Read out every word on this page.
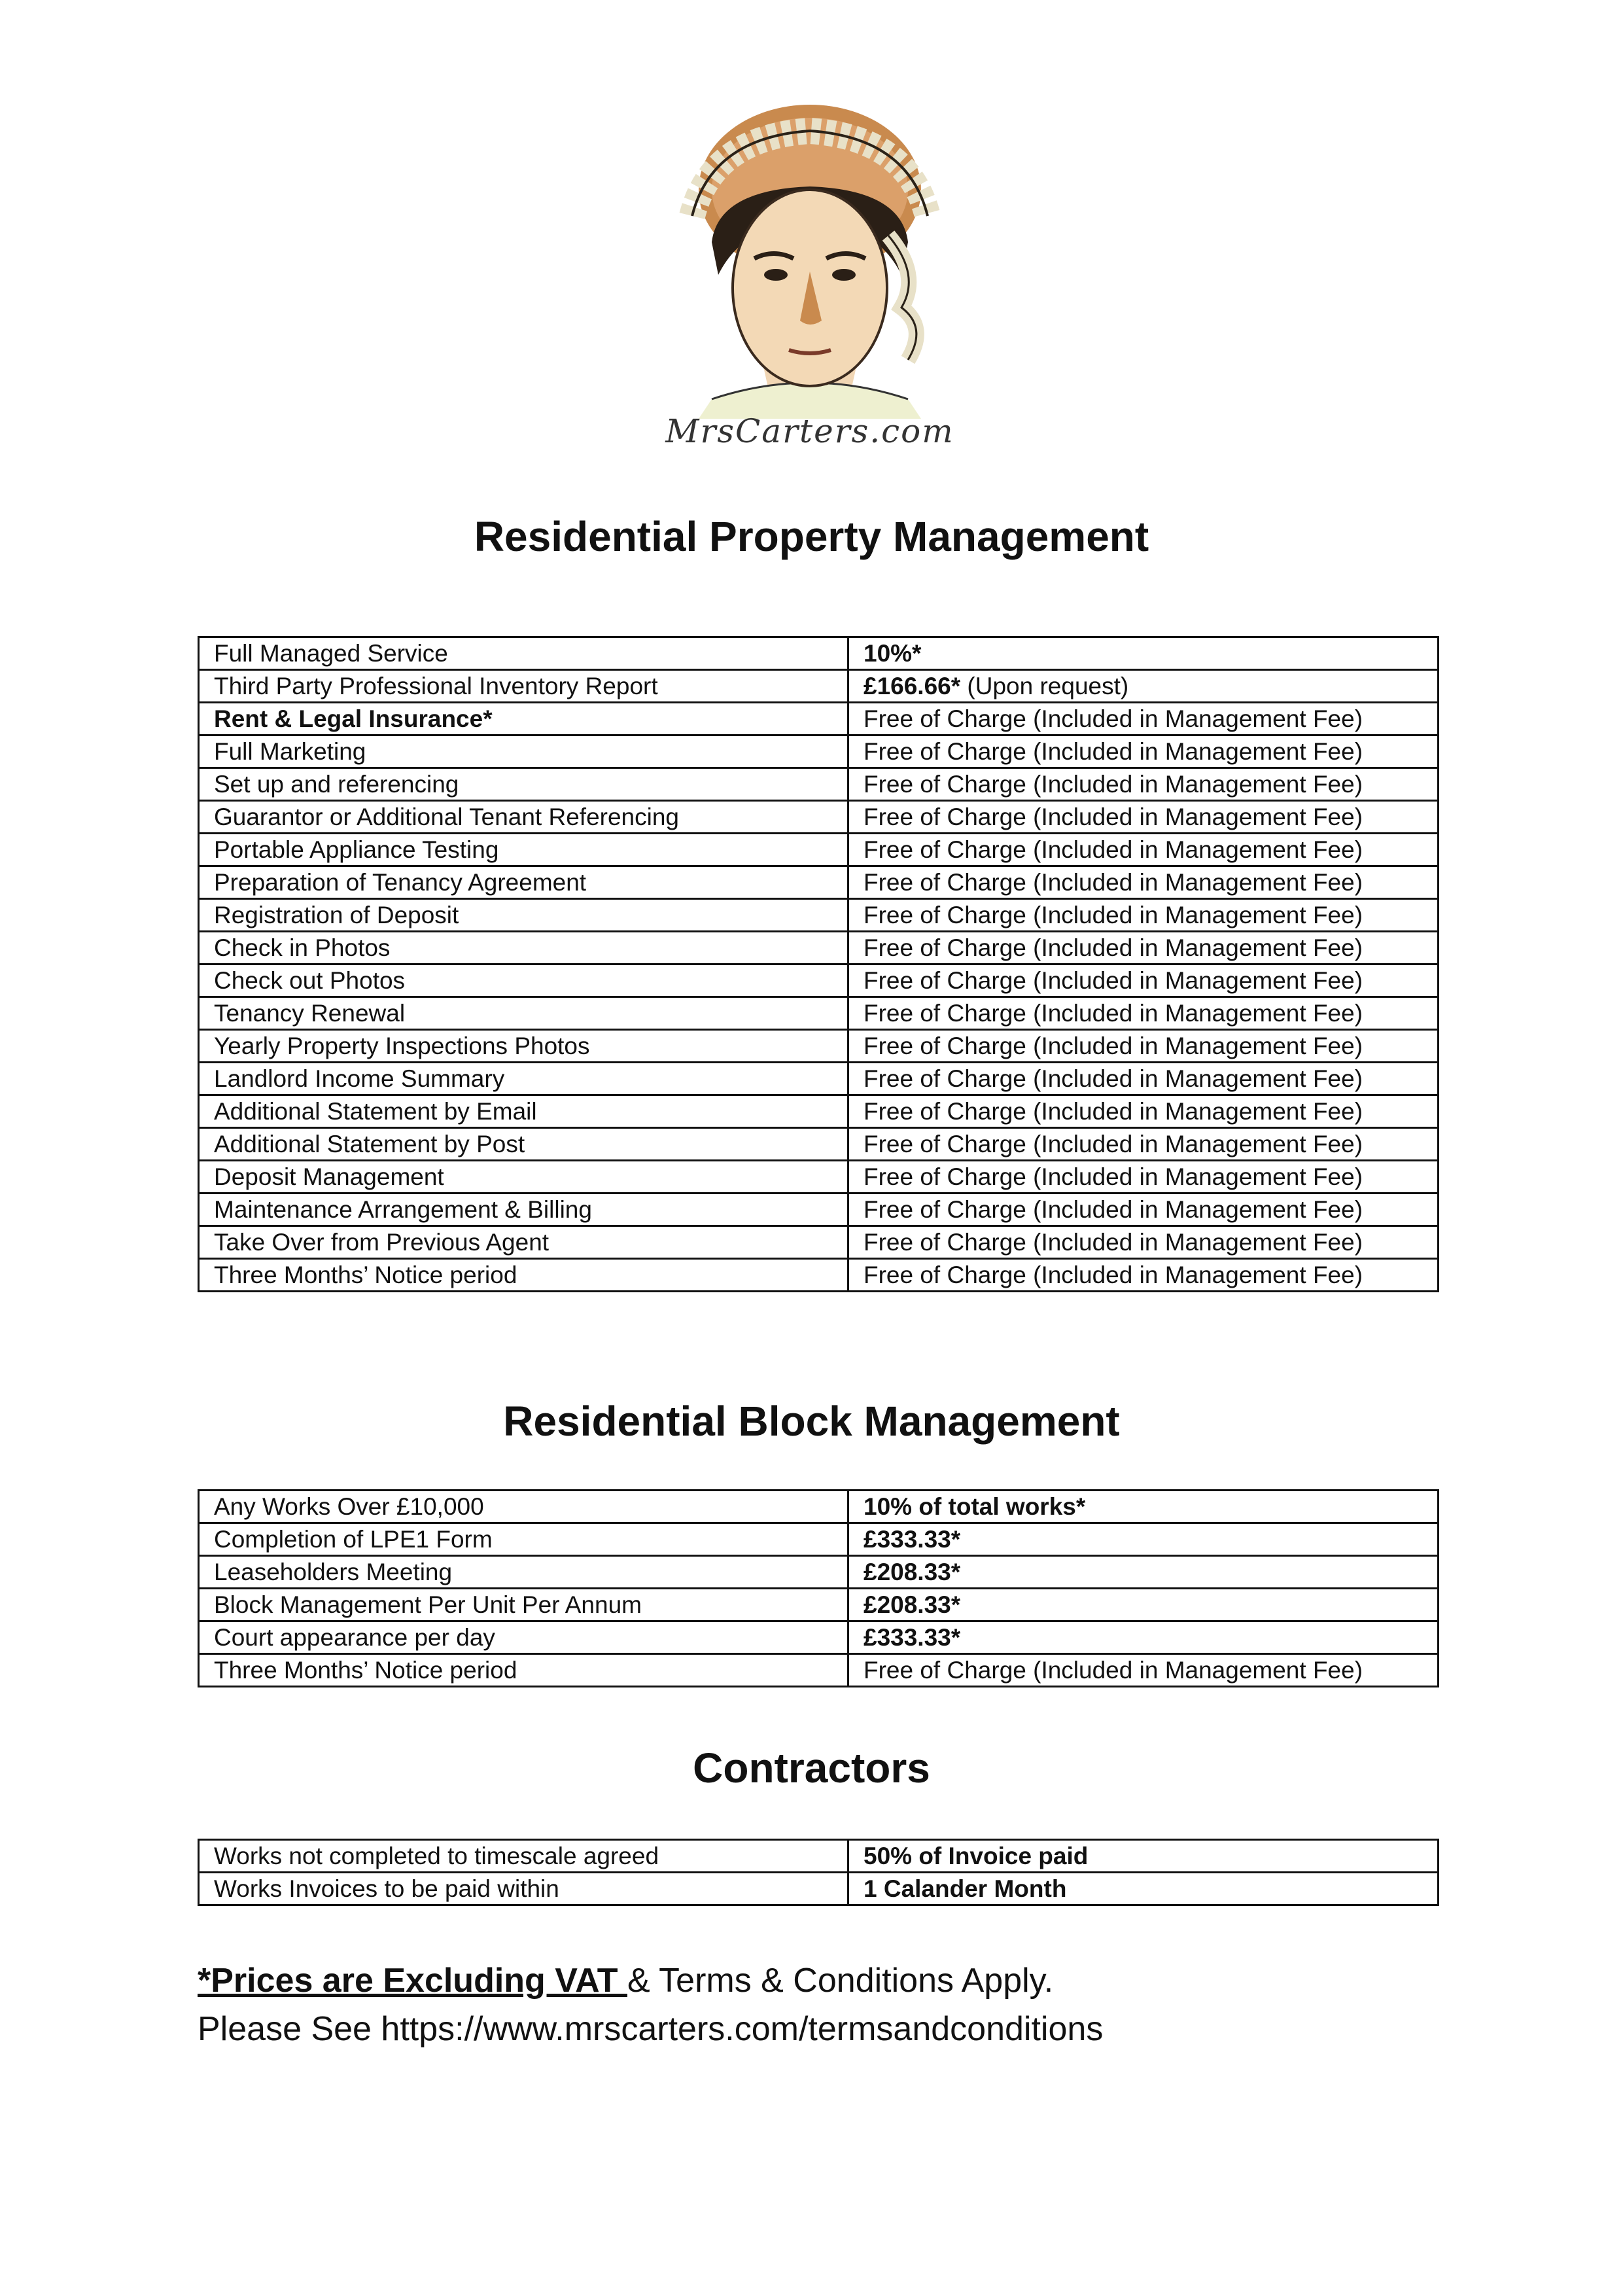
MrsCarters.com
Residential Property Management
Full Managed Service	10%*
Third Party Professional Inventory Report	£166.66* (Upon request)
Rent & Legal Insurance*	Free of Charge (Included in Management Fee)
Full Marketing	Free of Charge (Included in Management Fee)
Set up and referencing	Free of Charge (Included in Management Fee)
Guarantor or Additional Tenant Referencing	Free of Charge (Included in Management Fee)
Portable Appliance Testing	Free of Charge (Included in Management Fee)
Preparation of Tenancy Agreement	Free of Charge (Included in Management Fee)
Registration of Deposit	Free of Charge (Included in Management Fee)
Check in Photos	Free of Charge (Included in Management Fee)
Check out Photos	Free of Charge (Included in Management Fee)
Tenancy Renewal	Free of Charge (Included in Management Fee)
Yearly Property Inspections Photos	Free of Charge (Included in Management Fee)
Landlord Income Summary	Free of Charge (Included in Management Fee)
Additional Statement by Email	Free of Charge (Included in Management Fee)
Additional Statement by Post	Free of Charge (Included in Management Fee)
Deposit Management	Free of Charge (Included in Management Fee)
Maintenance Arrangement & Billing	Free of Charge (Included in Management Fee)
Take Over from Previous Agent	Free of Charge (Included in Management Fee)
Three Months’ Notice period	Free of Charge (Included in Management Fee)
Residential Block Management
Any Works Over £10,000	10% of total works*
Completion of LPE1 Form	£333.33*
Leaseholders Meeting	£208.33*
Block Management Per Unit Per Annum	£208.33*
Court appearance per day	£333.33*
Three Months’ Notice period	Free of Charge (Included in Management Fee)
Contractors
Works not completed to timescale agreed	50% of Invoice paid
Works Invoices to be paid within	1 Calander Month
*Prices are Excluding VAT & Terms & Conditions Apply.
Please See https://www.mrscarters.com/termsandconditions
